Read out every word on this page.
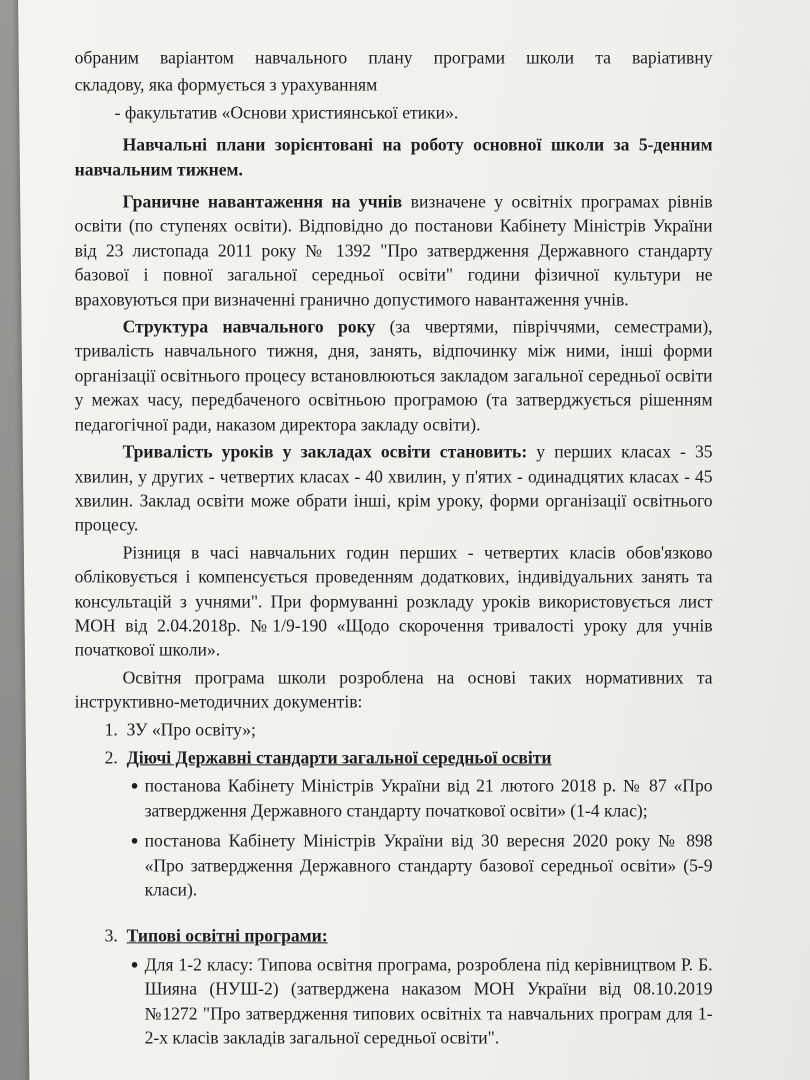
обраним варіантом навчального плану програми школи та варіативну
складову, яка формується з урахуванням
- факультатив «Основи християнської етики».

Навчальні плани зорієнтовані на роботу основної школи за 5-денним навчальним тижнем.

Граничне навантаження на учнів визначене у освітніх програмах рівнів освіти (по ступенях освіти). Відповідно до постанови Кабінету Міністрів України від 23 листопада 2011 року № 1392 "Про затвердження Державного стандарту базової і повної загальної середньої освіти" години фізичної культури не враховуються при визначенні гранично допустимого навантаження учнів.

Структура навчального року (за чвертями, півріччями, семестрами), тривалість навчального тижня, дня, занять, відпочинку між ними, інші форми організації освітнього процесу встановлюються закладом загальної середньої освіти у межах часу, передбаченого освітньою програмою (та затверджується рішенням педагогічної ради, наказом директора закладу освіти).

Тривалість уроків у закладах освіти становить: у перших класах - 35 хвилин, у других - четвертих класах - 40 хвилин, у п'ятих - одинадцятих класах - 45 хвилин. Заклад освіти може обрати інші, крім уроку, форми організації освітнього процесу.

Різниця в часі навчальних годин перших - четвертих класів обов'язково обліковується і компенсується проведенням додаткових, індивідуальних занять та консультацій з учнями". При формуванні розкладу уроків використовується лист МОН від 2.04.2018р. №1/9-190 «Щодо скорочення тривалості уроку для учнів початкової школи».

Освітня програма школи розроблена на основі таких нормативних та інструктивно-методичних документів:

1. ЗУ «Про освіту»;
2. Діючі Державні стандарти загальної середньої освіти
● постанова Кабінету Міністрів України від 21 лютого 2018 р. № 87 «Про затвердження Державного стандарту початкової освіти» (1-4 клас);
● постанова Кабінету Міністрів України від 30 вересня 2020 року № 898 «Про затвердження Державного стандарту базової середньої освіти» (5-9 класи).
3. Типові освітні програми:
● Для 1-2 класу: Типова освітня програма, розроблена під керівництвом Р. Б. Шияна (НУШ-2) (затверджена наказом МОН України від 08.10.2019 №1272 "Про затвердження типових освітніх та навчальних програм для 1-2-х класів закладів загальної середньої освіти".
